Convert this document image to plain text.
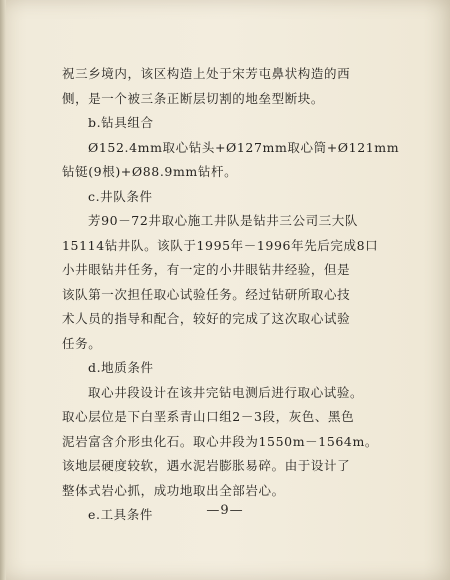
祝三乡境内，该区构造上处于宋芳屯鼻状构造的西
侧，是一个被三条正断层切割的地垒型断块。
b.钻具组合
Ø152.4mm取心钻头+Ø127mm取心筒+Ø121mm
钻铤(9根)+Ø88.9mm钻杆。
c.井队条件
芳90－72井取心施工井队是钻井三公司三大队
15114钻井队。该队于1995年－1996年先后完成8口
小井眼钻井任务，有一定的小井眼钻井经验，但是
该队第一次担任取心试验任务。经过钻研所取心技
术人员的指导和配合，较好的完成了这次取心试验
任务。
d.地质条件
取心井段设计在该井完钻电测后进行取心试验。
取心层位是下白垩系青山口组2－3段，灰色、黑色
泥岩富含介形虫化石。取心井段为1550m－1564m。
该地层硬度较软，遇水泥岩膨胀易碎。由于设计了
整体式岩心抓，成功地取出全部岩心。
e.工具条件	—9—
